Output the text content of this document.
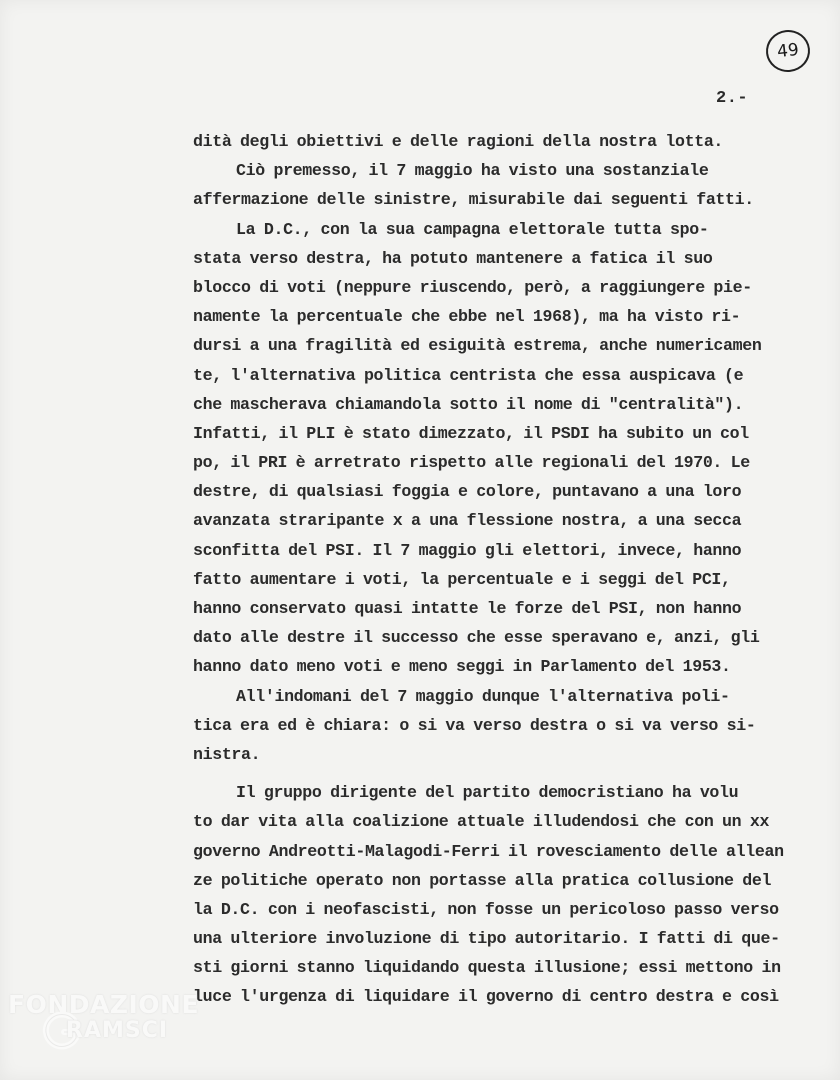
49
2.-
dità degli obiettivi e delle ragioni della nostra lotta.
Ciò premesso, il 7 maggio ha visto una sostanziale
affermazione delle sinistre, misurabile dai seguenti fatti.
La D.C., con la sua campagna elettorale tutta spo-
stata verso destra, ha potuto mantenere a fatica il suo
blocco di voti (neppure riuscendo, però, a raggiungere pie-
namente la percentuale che ebbe nel 1968), ma ha visto ri-
dursi a una fragilità ed esiguità estrema, anche numericamen
te, l'alternativa politica centrista che essa auspicava (e
che mascherava chiamandola sotto il nome di "centralità").
Infatti, il PLI è stato dimezzato, il PSDI ha subito un col
po, il PRI è arretrato rispetto alle regionali del 1970. Le
destre, di qualsiasi foggia e colore, puntavano a una loro
avanzata straripante x a una flessione nostra, a una secca
sconfitta del PSI. Il 7 maggio gli elettori, invece, hanno
fatto aumentare i voti, la percentuale e i seggi del PCI,
hanno conservato quasi intatte le forze del PSI, non hanno
dato alle destre il successo che esse speravano e, anzi, gli
hanno dato meno voti e meno seggi in Parlamento del 1953.
All'indomani del 7 maggio dunque l'alternativa poli-
tica era ed è chiara: o si va verso destra o si va verso si-
nistra.
Il gruppo dirigente del partito democristiano ha volu
to dar vita alla coalizione attuale illudendosi che con un xx
governo Andreotti-Malagodi-Ferri il rovesciamento delle allean
ze politiche operato non portasse alla pratica collusione del
la D.C. con i neofascisti, non fosse un pericoloso passo verso
una ulteriore involuzione di tipo autoritario. I fatti di que-
sti giorni stanno liquidando questa illusione; essi mettono in
luce l'urgenza di liquidare il governo di centro destra e così
FONDAZIONE
RAMSCI
